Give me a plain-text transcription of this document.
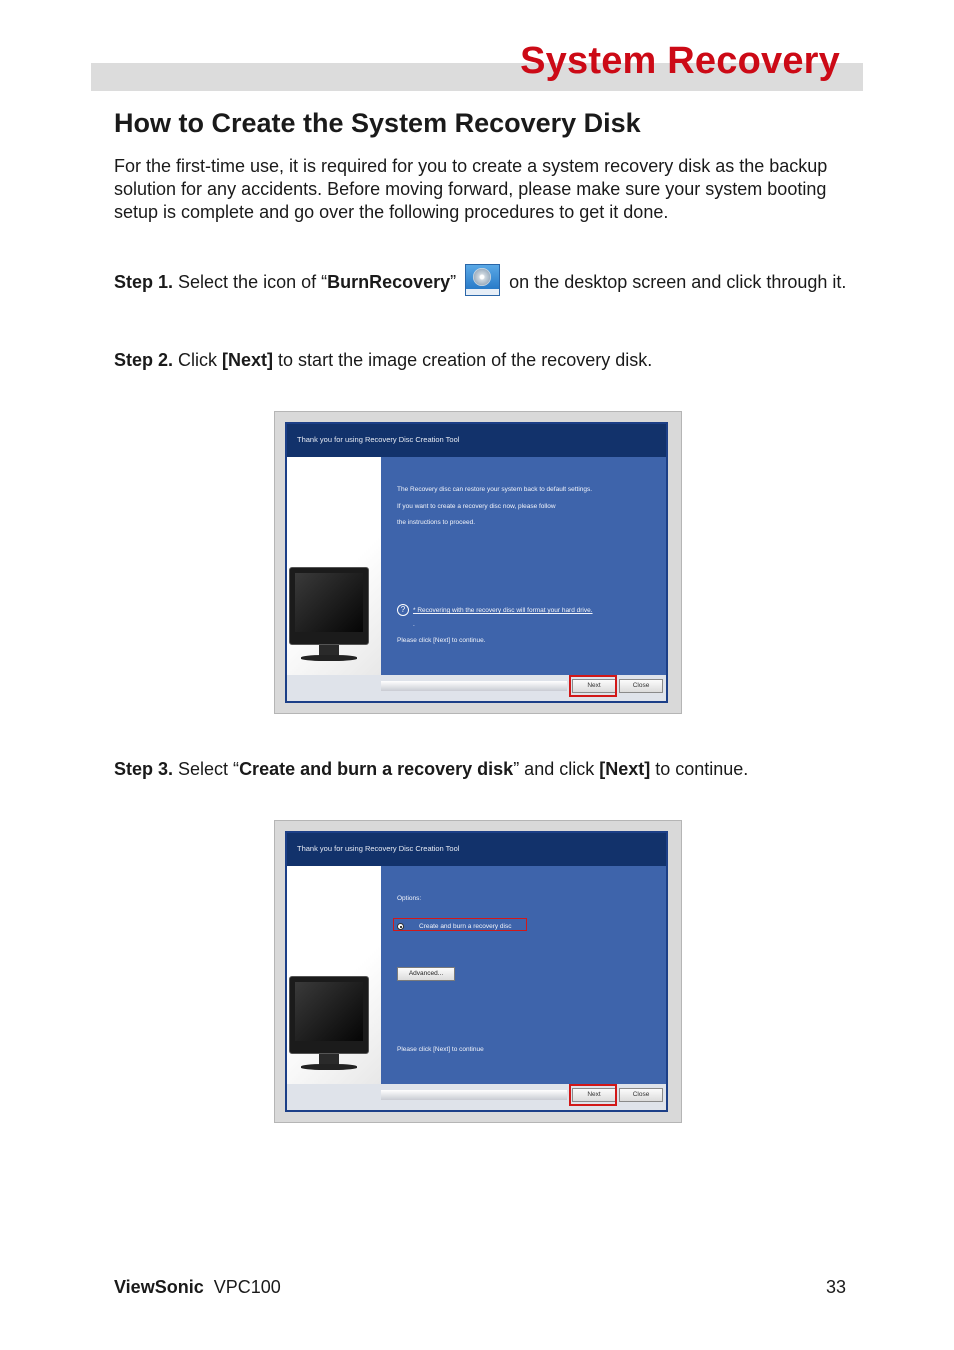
System Recovery
How to Create the System Recovery Disk
For the first-time use, it is required for you to create a system recovery disk as the backup solution for any accidents. Before moving forward, please make sure your system booting setup is complete and go over the following procedures to get it done.
Step 1. Select the icon of “BurnRecovery”
on the desktop screen and click through it.
Step 2. Click [Next] to start the image creation of the recovery disk.
Thank you for using Recovery Disc Creation Tool
The Recovery disc can restore your system back to default settings.
If you want to create a recovery disc now, please follow
the instructions to proceed.
?	* Recovering with the recovery disc will format your hard drive.
.
Please click [Next] to continue.
Next	Close
Step 3. Select “Create and burn a recovery disk” and click [Next] to continue.
Thank you for using Recovery Disc Creation Tool
Options:
Create and burn a recovery disc
Advanced...
Please click [Next] to continue
Next	Close
ViewSonic VPC100	33
